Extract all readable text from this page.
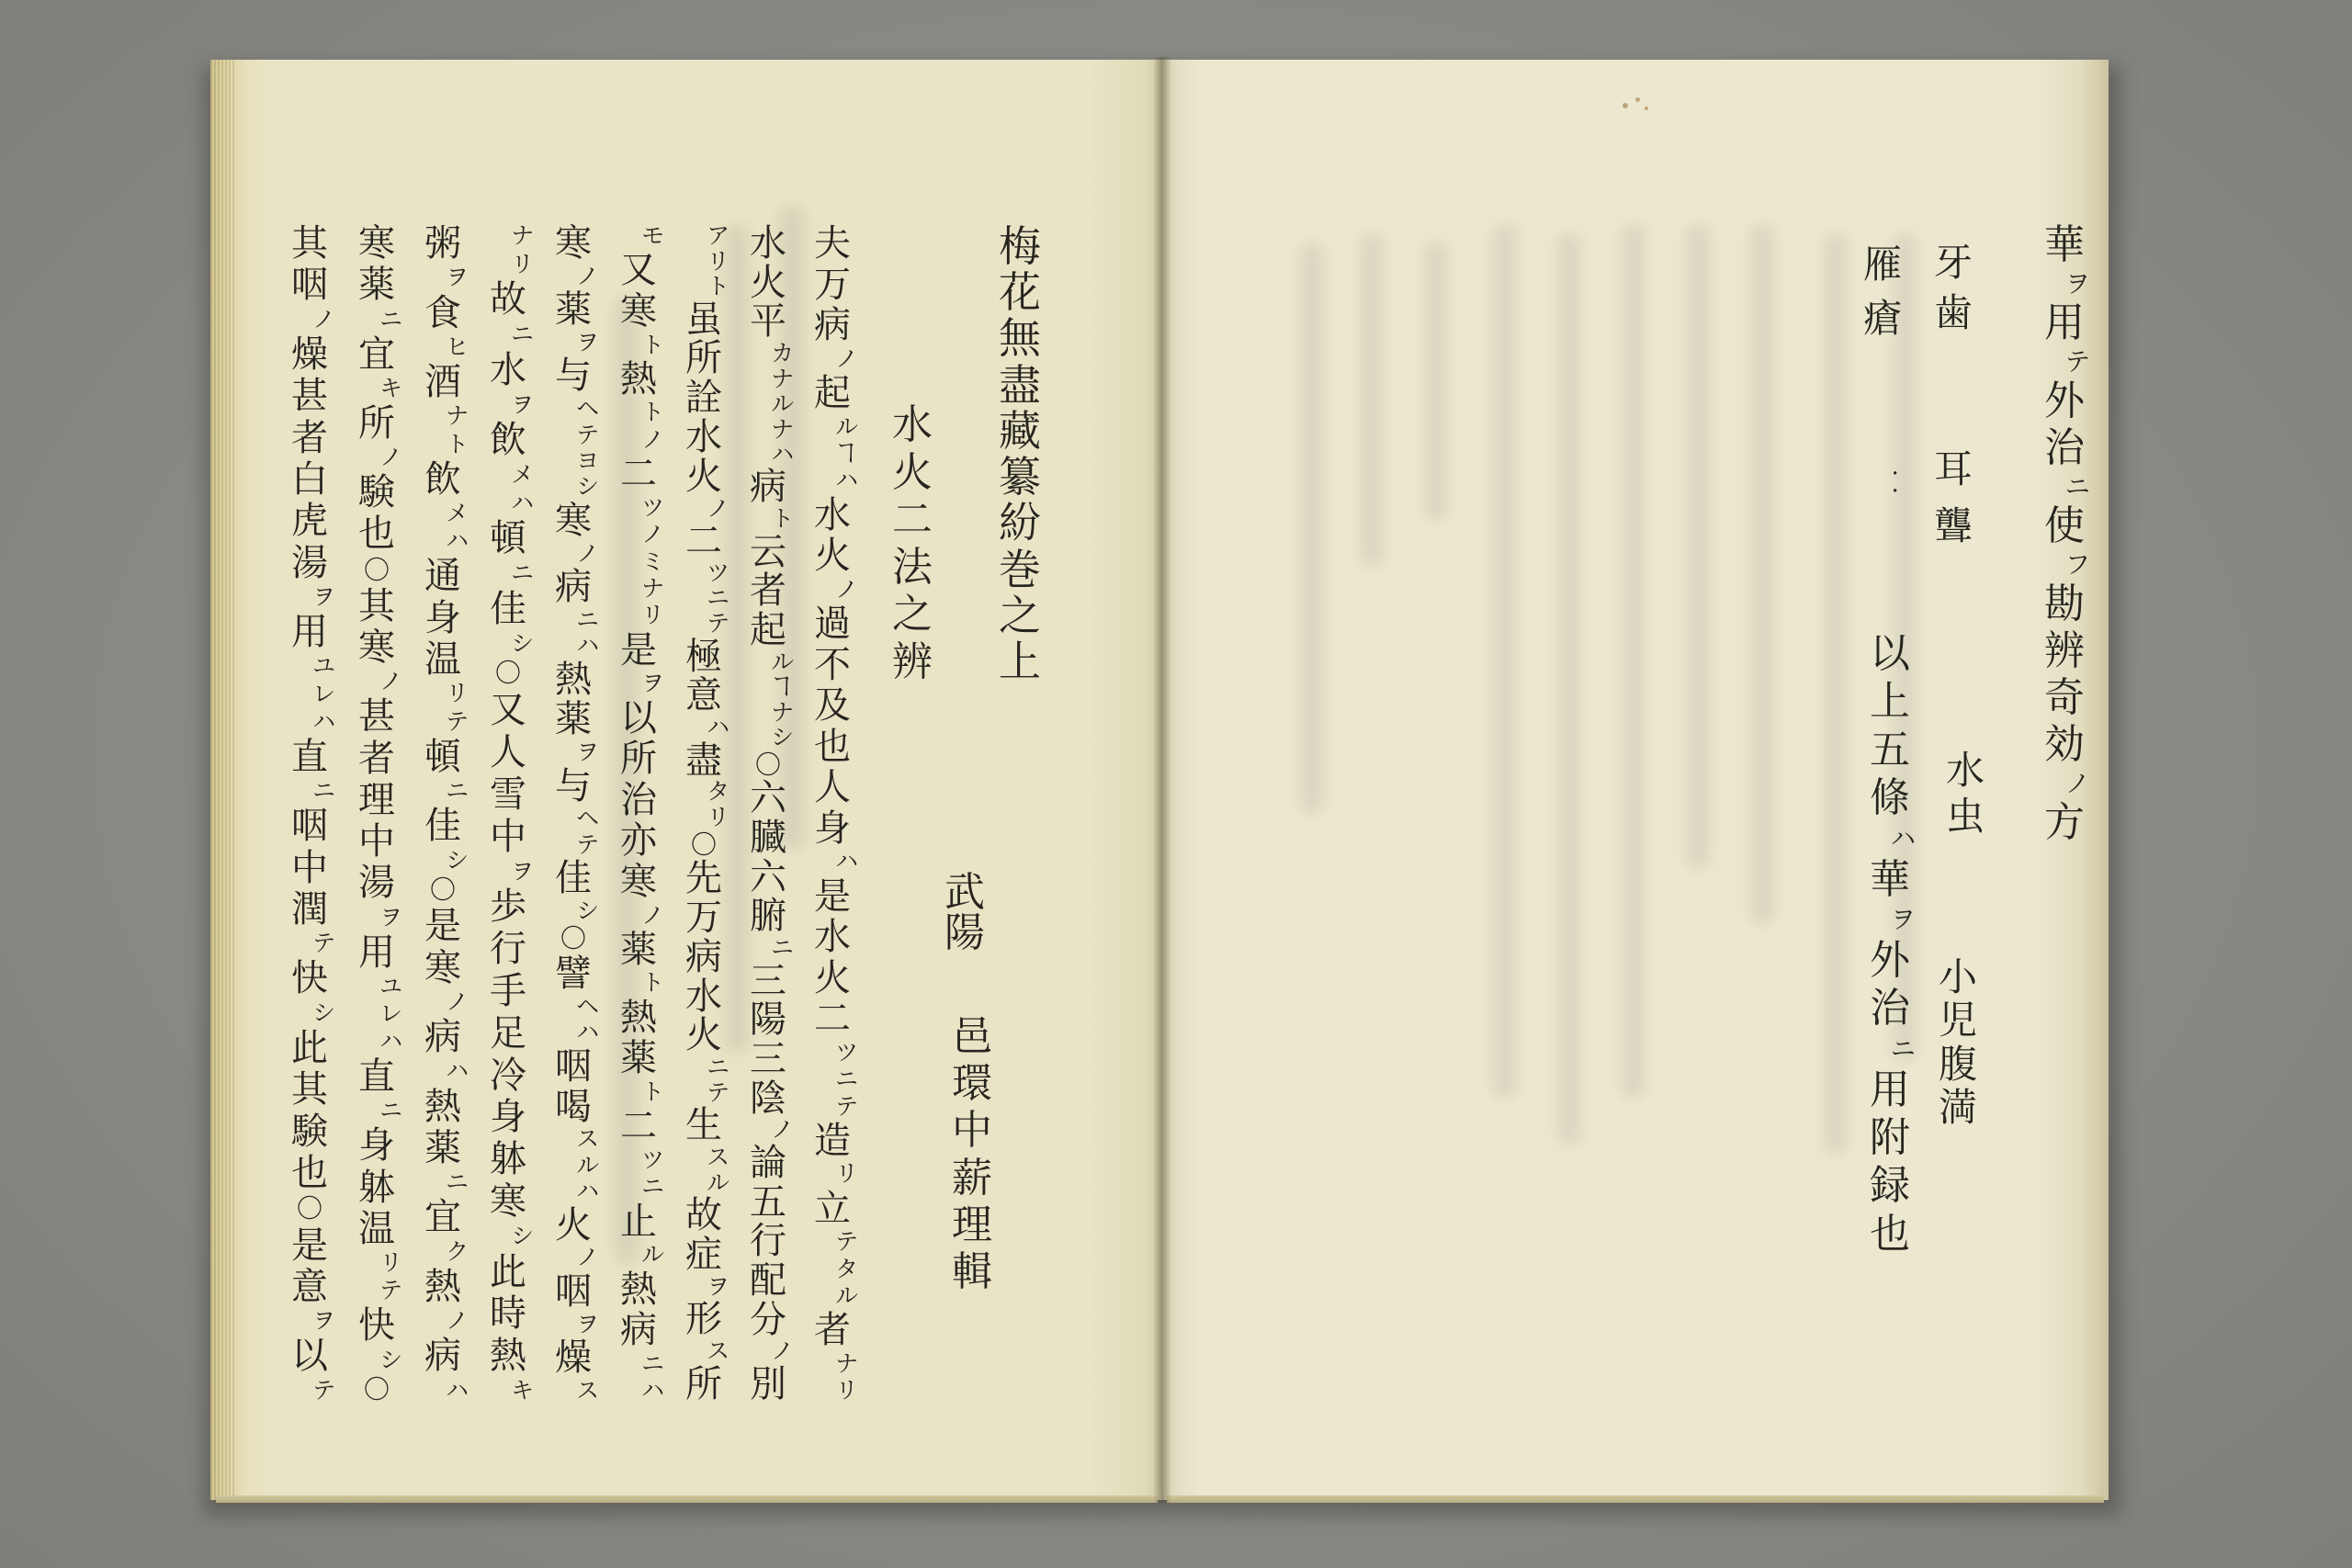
梅
花
無
盡
藏
纂
紛
巻
之
上
武
陽
邑
環
中
薪
理
輯
水
火
二
法
之
辨
夫
万
病
ノ
起
ル
ヿ
ハ
水
火
ノ
過
不
及
也
人
身
ハ
是
水
火
二
ツ
ニ
テ
造
リ
立
テ
タ
ル
者
ナ
リ
水
火
平
カ
ナ
ル
ナ
ハ
病
ト
云
者
起
ル
ヿ
ナ
シ
〇
六
臓
六
腑
ニ
三
陽
三
陰
ノ
論
五
行
配
分
ノ
別
ア
リ
ト
虽
所
詮
水
火
ノ
二
ツ
ニ
テ
極
意
ハ
盡
タ
リ
〇
先
万
病
水
火
ニ
テ
生
ス
ル
故
症
ヲ
形
ス
所
モ
又
寒
ト
熱
ト
ノ
二
ツ
ノ
ミ
ナ
リ
是
ヲ
以
所
治
亦
寒
ノ
薬
ト
熱
薬
ト
二
ツ
ニ
止
ル
熱
病
ニ
ハ
寒
ノ
薬
ヲ
与
ヘ
テ
ヨ
シ
寒
ノ
病
ニ
ハ
熱
薬
ヲ
与
ヘ
テ
佳
シ
〇
譬
ヘ
ハ
咽
喝
ス
ル
ハ
火
ノ
咽
ヲ
燥
ス
ナ
リ
故
ニ
水
ヲ
飲
メ
ハ
頓
ニ
佳
シ
〇
又
人
雪
中
ヲ
歩
行
手
足
冷
身
躰
寒
シ
此
時
熱
キ
粥
ヲ
食
ヒ
酒
ナ
ト
飲
メ
ハ
通
身
温
リ
テ
頓
ニ
佳
シ
〇
是
寒
ノ
病
ハ
熱
薬
ニ
宜
ク
熱
ノ
病
ハ
寒
薬
ニ
宜
キ
所
ノ
験
也
〇
其
寒
ノ
甚
者
理
中
湯
ヲ
用
ユ
レ
ハ
直
ニ
身
躰
温
リ
テ
快
シ
〇
其
咽
ノ
燥
甚
者
白
虎
湯
ヲ
用
ユ
レ
ハ
直
ニ
咽
中
潤
テ
快
シ
此
其
験
也
〇
是
意
ヲ
以
テ
華
ヲ
用
テ
外
治
ニ
使
フ
勘
辨
奇
効
ノ
方
牙
歯
耳
聾
水
虫
小
児
腹
満
雁
瘡
・
・
以
上
五
條
ハ
華
ヲ
外
治
ニ
用
附
録
也
